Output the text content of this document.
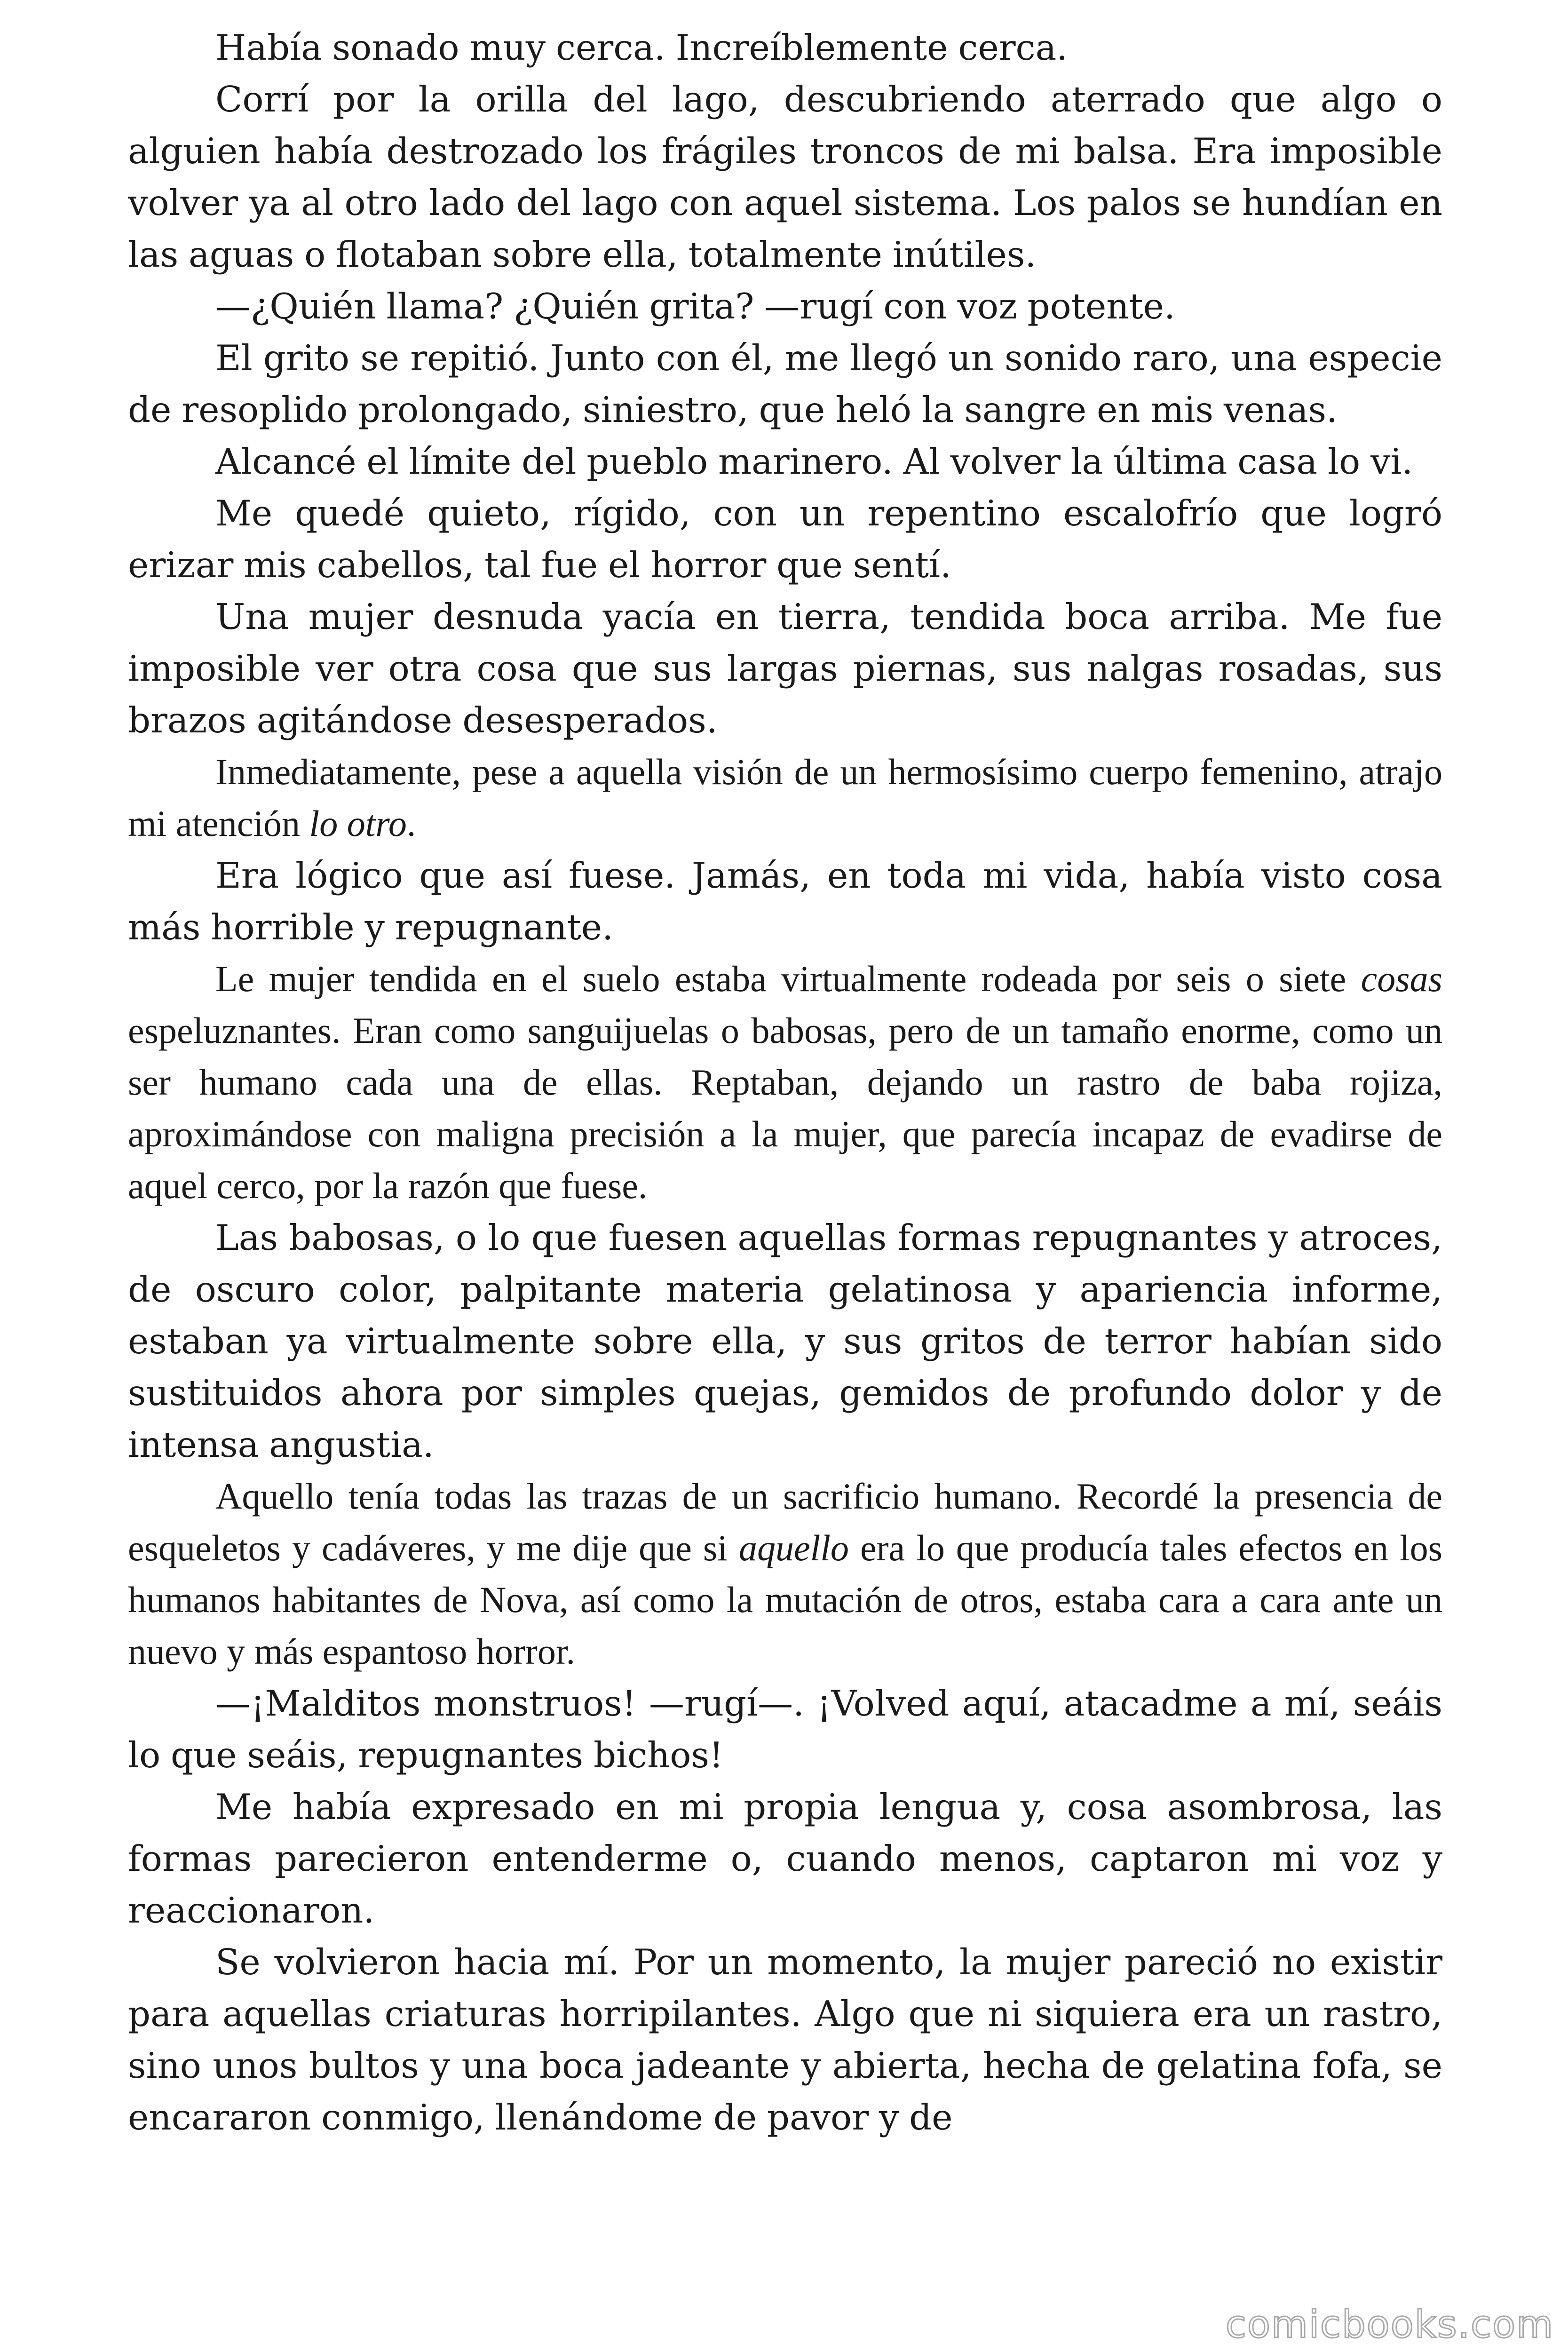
Había sonado muy cerca. Increíblemente cerca.

Corrí por la orilla del lago, descubriendo aterrado que algo o alguien había destrozado los frágiles troncos de mi balsa. Era imposible volver ya al otro lado del lago con aquel sistema. Los palos se hundían en las aguas o flotaban sobre ella, totalmente inútiles.

—¿Quién llama? ¿Quién grita? —rugí con voz potente.

El grito se repitió. Junto con él, me llegó un sonido raro, una especie de resoplido prolongado, siniestro, que heló la sangre en mis venas.

Alcancé el límite del pueblo marinero. Al volver la última casa lo vi.

Me quedé quieto, rígido, con un repentino escalofrío que logró erizar mis cabellos, tal fue el horror que sentí.

Una mujer desnuda yacía en tierra, tendida boca arriba. Me fue imposible ver otra cosa que sus largas piernas, sus nalgas rosadas, sus brazos agitándose desesperados.

Inmediatamente, pese a aquella visión de un hermosísimo cuerpo femenino, atrajo mi atención lo otro.

Era lógico que así fuese. Jamás, en toda mi vida, había visto cosa más horrible y repugnante.

Le mujer tendida en el suelo estaba virtualmente rodeada por seis o siete cosas espeluznantes. Eran como sanguijuelas o babosas, pero de un tamaño enorme, como un ser humano cada una de ellas. Reptaban, dejando un rastro de baba rojiza, aproximándose con maligna precisión a la mujer, que parecía incapaz de evadirse de aquel cerco, por la razón que fuese.

Las babosas, o lo que fuesen aquellas formas repugnantes y atroces, de oscuro color, palpitante materia gelatinosa y apariencia informe, estaban ya virtualmente sobre ella, y sus gritos de terror habían sido sustituidos ahora por simples quejas, gemidos de profundo dolor y de intensa angustia.

Aquello tenía todas las trazas de un sacrificio humano. Recordé la presencia de esqueletos y cadáveres, y me dije que si aquello era lo que producía tales efectos en los humanos habitantes de Nova, así como la mutación de otros, estaba cara a cara ante un nuevo y más espantoso horror.

—¡Malditos monstruos! —rugí—. ¡Volved aquí, atacadme a mí, seáis lo que seáis, repugnantes bichos!

Me había expresado en mi propia lengua y, cosa asombrosa, las formas parecieron entenderme o, cuando menos, captaron mi voz y reaccionaron.

Se volvieron hacia mí. Por un momento, la mujer pareció no existir para aquellas criaturas horripilantes. Algo que ni siquiera era un rastro, sino unos bultos y una boca jadeante y abierta, hecha de gelatina fofa, se encararon conmigo, llenándome de pavor y de

comicbooks.com
